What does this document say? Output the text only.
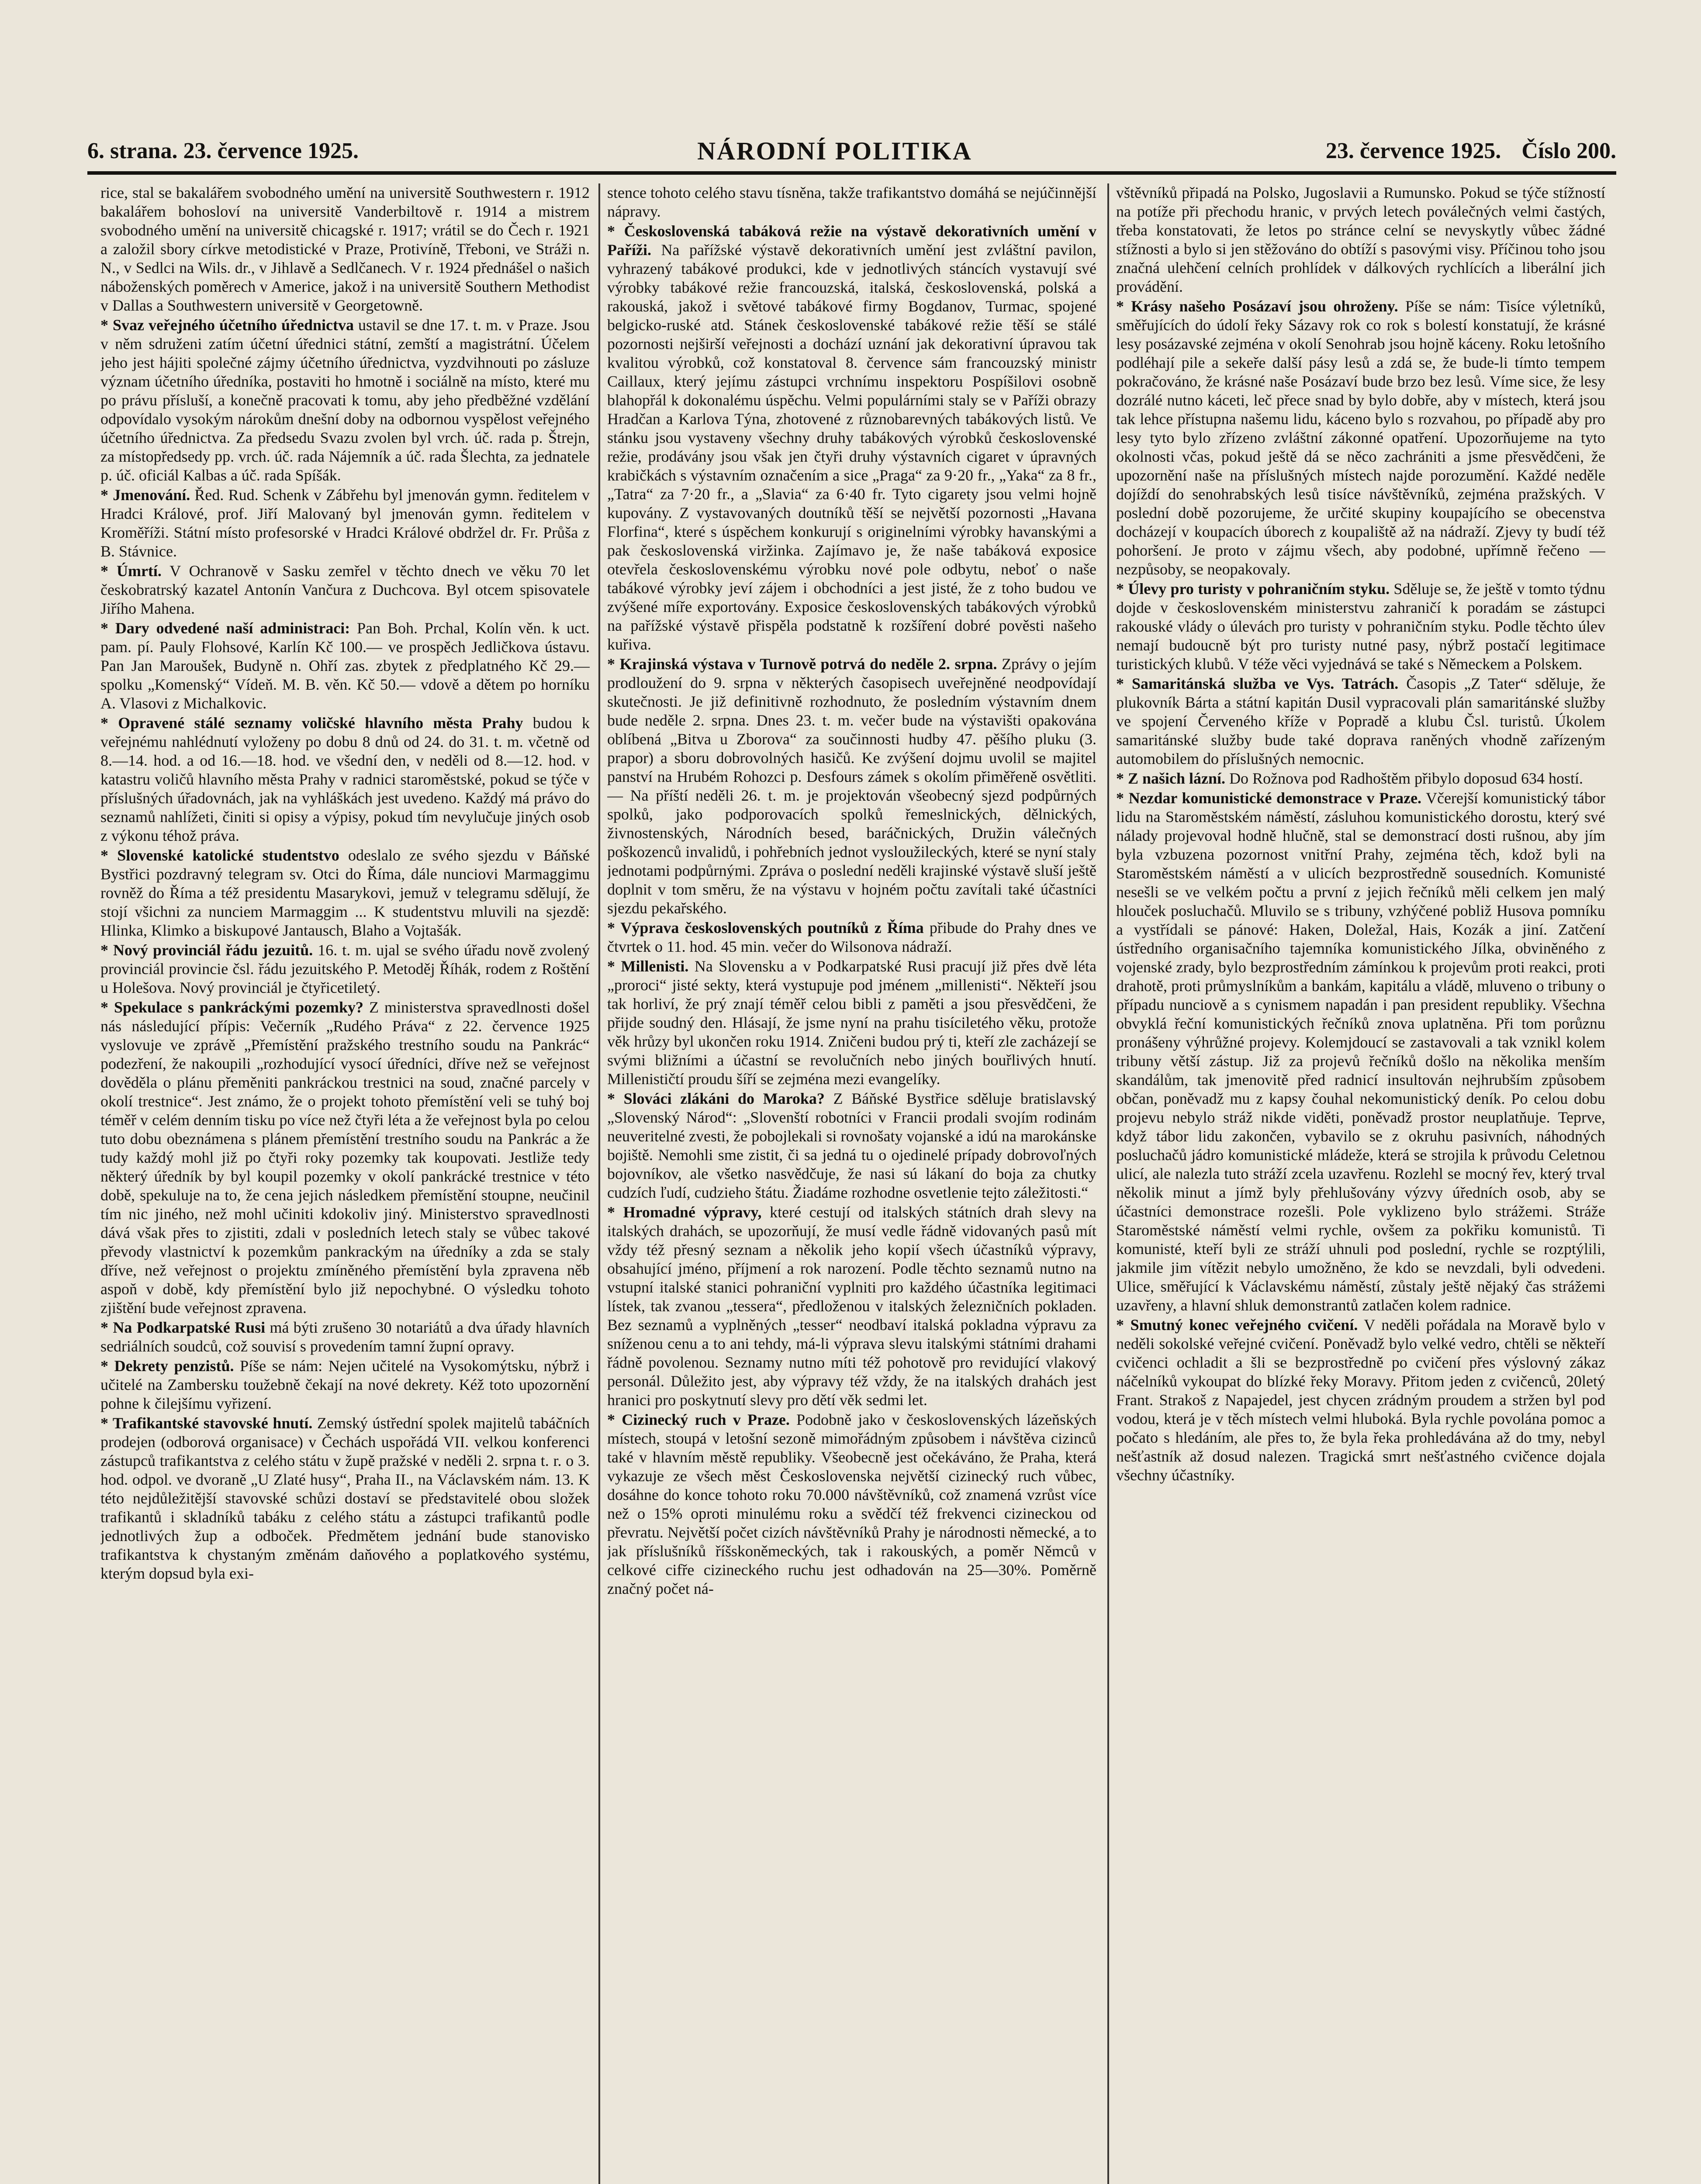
6. strana. 23. července 1925.	NÁRODNÍ POLITIKA	23. července 1925. Číslo 200.

rice, stal se bakalářem svobodného umění na universitě Southwestern r. 1912 bakalářem bohosloví na universitě Vanderbiltově r. 1914 a mistrem svobodného umění na universitě chicagské r. 1917; vrátil se do Čech r. 1921 a založil sbory církve metodistické v Praze, Protivíně, Třeboni, ve Stráži n. N., v Sedlci na Wils. dr., v Jihlavě a Sedlčanech. V r. 1924 přednášel o našich náboženských poměrech v Americe, jakož i na universitě Southern Methodist v Dallas a Southwestern universitě v Georgetowně.

* Svaz veřejného účetního úřednictva ustavil se dne 17. t. m. v Praze. Jsou v něm sdruženi zatím účetní úřednici státní, zemští a magistrátní. Účelem jeho jest hájiti společné zájmy účetního úřednictva, vyzdvihnouti po zásluze význam účetního úředníka, postaviti ho hmotně i sociálně na místo, které mu po právu přísluší, a konečně pracovati k tomu, aby jeho předběžné vzdělání odpovídalo vysokým nárokům dnešní doby na odbornou vyspělost veřejného účetního úřednictva. Za předsedu Svazu zvolen byl vrch. úč. rada p. Štrejn, za místopředsedy pp. vrch. úč. rada Nájemník a úč. rada Šlechta, za jednatele p. úč. oficiál Kalbas a úč. rada Spíšák.

* Jmenování. Řed. Rud. Schenk v Zábřehu byl jmenován gymn. ředitelem v Hradci Králové, prof. Jiří Malovaný byl jmenován gymn. ředitelem v Kroměříži. Státní místo profesorské v Hradci Králové obdržel dr. Fr. Průša z B. Stávnice.

* Úmrtí. V Ochranově v Sasku zemřel v těchto dnech ve věku 70 let českobratrský kazatel Antonín Vančura z Duchcova. Byl otcem spisovatele Jiřího Mahena.

* Dary odvedené naší administraci: Pan Boh. Prchal, Kolín věn. k uct. pam. pí. Pauly Flohsové, Karlín Kč 100.— ve prospěch Jedličkova ústavu. Pan Jan Maroušek, Budyně n. Ohří zas. zbytek z předplatného Kč 29.— spolku „Komenský“ Vídeň. M. B. věn. Kč 50.— vdově a dětem po horníku A. Vlasovi z Michalkovic.

* Opravené stálé seznamy voličské hlavního města Prahy budou k veřejnému nahlédnutí vyloženy po dobu 8 dnů od 24. do 31. t. m. včetně od 8.—14. hod. a od 16.—18. hod. ve všední den, v neděli od 8.—12. hod. v katastru voličů hlavního města Prahy v radnici staroměstské, pokud se týče v příslušných úřadovnách, jak na vyhláškách jest uvedeno. Každý má právo do seznamů nahlížeti, činiti si opisy a výpisy, pokud tím nevylučuje jiných osob z výkonu téhož práva.

* Slovenské katolické studentstvo odeslalo ze svého sjezdu v Báňské Bystřici pozdravný telegram sv. Otci do Říma, dále nunciovi Marmaggimu rovněž do Říma a též presidentu Masarykovi, jemuž v telegramu sdělují, že stojí všichni za nunciem Marmaggim ... K studentstvu mluvili na sjezdě: Hlinka, Klimko a biskupové Jantausch, Blaho a Vojtašák.

* Nový provinciál řádu jezuitů. 16. t. m. ujal se svého úřadu nově zvolený provinciál provincie čsl. řádu jezuitského P. Metoděj Říhák, rodem z Roštění u Holešova. Nový provinciál je čtyřicetiletý.

* Spekulace s pankráckými pozemky? Z ministerstva spravedlnosti došel nás následující přípis: Večerník „Rudého Práva“ z 22. července 1925 vyslovuje ve zprávě „Přemístění pražského trestního soudu na Pankrác“ podezření, že nakoupili „rozhodující vysocí úředníci, dříve než se veřejnost dověděla o plánu přeměniti pankráckou trestnici na soud, značné parcely v okolí trestnice“. Jest známo, že o projekt tohoto přemístění veli se tuhý boj téměř v celém denním tisku po více než čtyři léta a že veřejnost byla po celou tuto dobu obeznámena s plánem přemístění trestního soudu na Pankrác a že tudy každý mohl již po čtyři roky pozemky tak koupovati. Jestliže tedy některý úředník by byl koupil pozemky v okolí pankrácké trestnice v této době, spekuluje na to, že cena jejich následkem přemístění stoupne, neučinil tím nic jiného, než mohl učiniti kdokoliv jiný. Ministerstvo spravedlnosti dává však přes to zjistiti, zdali v posledních letech staly se vůbec takové převody vlastnictví k pozemkům pankrackým na úředníky a zda se staly dříve, než veřejnost o projektu zmíněného přemístění byla zpravena něb aspoň v době, kdy přemístění bylo již nepochybné. O výsledku tohoto zjištění bude veřejnost zpravena.

* Na Podkarpatské Rusi má býti zrušeno 30 notariátů a dva úřady hlavních sedriálních soudců, což souvisí s provedením tamní župní opravy.

* Dekrety penzistů. Píše se nám: Nejen učitelé na Vysokomýtsku, nýbrž i učitelé na Zambersku toužebně čekají na nové dekrety. Kéž toto upozornění pohne k čilejšímu vyřizení.

* Trafikantské stavovské hnutí. Zemský ústřední spolek majitelů tabáčních prodejen (odborová organisace) v Čechách uspořádá VII. velkou konferenci zástupců trafikantstva z celého státu v župě pražské v neděli 2. srpna t. r. o 3. hod. odpol. ve dvoraně „U Zlaté husy“, Praha II., na Václavském nám. 13. K této nejdůležitější stavovské schůzi dostaví se představitelé obou složek trafikantů i skladníků tabáku z celého státu a zástupci trafikantů podle jednotlivých žup a odboček. Předmětem jednání bude stanovisko trafikantstva k chystaným změnám daňového a poplatkového systému, kterým dopsud byla exi-

stence tohoto celého stavu tísněna, takže trafikantstvo domáhá se nejúčinnější nápravy.

* Československá tabáková režie na výstavě dekorativních umění v Paříži. Na pařížské výstavě dekorativních umění jest zvláštní pavilon, vyhrazený tabákové produkci, kde v jednotlivých stáncích vystavují své výrobky tabákové režie francouzská, italská, československá, polská a rakouská, jakož i světové tabákové firmy Bogdanov, Turmac, spojené belgicko-ruské atd. Stánek československé tabákové režie těší se stálé pozornosti nejširší veřejnosti a dochází uznání jak dekorativní úpravou tak kvalitou výrobků, což konstatoval 8. července sám francouzský ministr Caillaux, který jejímu zástupci vrchnímu inspektoru Pospíšilovi osobně blahopřál k dokonalému úspěchu. Velmi populárními staly se v Paříži obrazy Hradčan a Karlova Týna, zhotovené z různobarevných tabákových listů. Ve stánku jsou vystaveny všechny druhy tabákových výrobků československé režie, prodávány jsou však jen čtyři druhy výstavních cigaret v úpravných krabičkách s výstavním označením a sice „Praga“ za 9·20 fr., „Yaka“ za 8 fr., „Tatra“ za 7·20 fr., a „Slavia“ za 6·40 fr. Tyto cigarety jsou velmi hojně kupovány. Z vystavovaných doutníků těší se největší pozornosti „Havana Florfina“, které s úspěchem konkurují s originelními výrobky havanskými a pak československá viržinka. Zajímavo je, že naše tabáková exposice otevřela československému výrobku nové pole odbytu, neboť o naše tabákové výrobky jeví zájem i obchodníci a jest jisté, že z toho budou ve zvýšené míře exportovány. Exposice československých tabákových výrobků na pařížské výstavě přispěla podstatně k rozšíření dobré pověsti našeho kuřiva.

* Krajinská výstava v Turnově potrvá do neděle 2. srpna. Zprávy o jejím prodloužení do 9. srpna v některých časopisech uveřejněné neodpovídají skutečnosti. Je již definitivně rozhodnuto, že posledním výstavním dnem bude neděle 2. srpna. Dnes 23. t. m. večer bude na výstavišti opakována oblíbená „Bitva u Zborova“ za součinnosti hudby 47. pěšího pluku (3. prapor) a sboru dobrovolných hasičů. Ke zvýšení dojmu uvolil se majitel panství na Hrubém Rohozci p. Desfours zámek s okolím přiměřeně osvětliti. — Na příští neděli 26. t. m. je projektován všeobecný sjezd podpůrných spolků, jako podporovacích spolků řemeslnických, dělnických, živnostenských, Národních besed, baráčnických, Družin válečných poškozenců invalidů, i pohřebních jednot vysloužileckých, které se nyní staly jednotami podpůrnými. Zpráva o poslední neděli krajinské výstavě sluší ještě doplnit v tom směru, že na výstavu v hojném počtu zavítali také účastníci sjezdu pekařského.

* Výprava československých poutníků z Říma přibude do Prahy dnes ve čtvrtek o 11. hod. 45 min. večer do Wilsonova nádraží.

* Millenisti. Na Slovensku a v Podkarpatské Rusi pracují již přes dvě léta „proroci“ jisté sekty, která vystupuje pod jménem „millenisti“. Někteří jsou tak horliví, že prý znají téměř celou bibli z paměti a jsou přesvědčeni, že přijde soudný den. Hlásají, že jsme nyní na prahu tisíciletého věku, protože věk hrůzy byl ukončen roku 1914. Zničeni budou prý ti, kteří zle zacházejí se svými bližními a účastní se revolučních nebo jiných bouřlivých hnutí. Millenističtí proudu šíří se zejména mezi evangelíky.

* Slováci zlákáni do Maroka? Z Báňské Bystřice sděluje bratislavský „Slovenský Národ“: „Slovenští robotníci v Francii prodali svojím rodinám neuveritelné zvesti, že pobojlekali si rovnošaty vojanské a idú na marokánske bojiště. Nemohli sme zistit, či sa jedná tu o ojedinelé prípady dobrovoľných bojovníkov, ale všetko nasvědčuje, že nasi sú lákaní do boja za chutky cudzích ľudí, cudzieho štátu. Žiadáme rozhodne osvetlenie tejto záležitosti.“

* Hromadné výpravy, které cestují od italských státních drah slevy na italských drahách, se upozorňují, že musí vedle řádně vidovaných pasů mít vždy též přesný seznam a několik jeho kopií všech účastníků výpravy, obsahující jméno, příjmení a rok narození. Podle těchto seznamů nutno na vstupní italské stanici pohraniční vyplniti pro každého účastníka legitimaci lístek, tak zvanou „tessera“, předloženou v italských železničních pokladen. Bez seznamů a vyplněných „tesser“ neodbaví italská pokladna výpravu za sníženou cenu a to ani tehdy, má-li výprava slevu italskými státními drahami řádně povolenou. Seznamy nutno míti též pohotově pro revidující vlakový personál. Důležito jest, aby výpravy též vždy, že na italských drahách jest hranici pro poskytnutí slevy pro dětí věk sedmi let.

* Cizinecký ruch v Praze. Podobně jako v československých lázeňských místech, stoupá v letošní sezoně mimořádným způsobem i návštěva cizinců také v hlavním městě republiky. Všeobecně jest očekáváno, že Praha, která vykazuje ze všech měst Československa největší cizinecký ruch vůbec, dosáhne do konce tohoto roku 70.000 návštěvníků, což znamená vzrůst více než o 15% oproti minulému roku a svědčí též frekvenci cizineckou od převratu. Největší počet cizích návštěvníků Prahy je národnosti německé, a to jak příslušníků říšskoněmeckých, tak i rakouských, a poměr Němců v celkové cifře cizineckého ruchu jest odhadován na 25—30%. Poměrně značný počet ná-

vštěvníků připadá na Polsko, Jugoslavii a Rumunsko. Pokud se týče stížností na potíže při přechodu hranic, v prvých letech poválečných velmi častých, třeba konstatovati, že letos po stránce celní se nevyskytly vůbec žádné stížnosti a bylo si jen stěžováno do obtíží s pasovými visy. Příčinou toho jsou značná ulehčení celních prohlídek v dálkových rychlících a liberální jich provádění.

* Krásy našeho Posázaví jsou ohroženy. Píše se nám: Tisíce výletníků, směřujících do údolí řeky Sázavy rok co rok s bolestí konstatují, že krásné lesy posázavské zejména v okolí Senohrab jsou hojně káceny. Roku letošního podléhají pile a sekeře další pásy lesů a zdá se, že bude-li tímto tempem pokračováno, že krásné naše Posázaví bude brzo bez lesů. Víme sice, že lesy dozrálé nutno káceti, leč přece snad by bylo dobře, aby v místech, která jsou tak lehce přístupna našemu lidu, káceno bylo s rozvahou, po případě aby pro lesy tyto bylo zřízeno zvláštní zákonné opatření. Upozorňujeme na tyto okolnosti včas, pokud ještě dá se něco zachrániti a jsme přesvědčeni, že upozornění naše na příslušných místech najde porozumění. Každé neděle dojíždí do senohrabských lesů tisíce návštěvníků, zejména pražských. V poslední době pozorujeme, že určité skupiny koupajícího se obecenstva docházejí v koupacích úborech z koupaliště až na nádraží. Zjevy ty budí též pohoršení. Je proto v zájmu všech, aby podobné, upřímně řečeno — nezpůsoby, se neopakovaly.

* Úlevy pro turisty v pohraničním styku. Sděluje se, že ještě v tomto týdnu dojde v československém ministerstvu zahraničí k poradám se zástupci rakouské vlády o úlevách pro turisty v pohraničním styku. Podle těchto úlev nemají budoucně být pro turisty nutné pasy, nýbrž postačí legitimace turistických klubů. V téže věci vyjednává se také s Německem a Polskem.

* Samaritánská služba ve Vys. Tatrách. Časopis „Z Tater“ sděluje, že plukovník Bárta a státní kapitán Dusil vypracovali plán samaritánské služby ve spojení Červeného kříže v Popradě a klubu Čsl. turistů. Úkolem samaritánské služby bude také doprava raněných vhodně zařízeným automobilem do příslušných nemocnic.

* Z našich lázní. Do Rožnova pod Radhoštěm přibylo doposud 634 hostí.

* Nezdar komunistické demonstrace v Praze. Včerejší komunistický tábor lidu na Staroměstském náměstí, zásluhou komunistického dorostu, který své nálady projevoval hodně hlučně, stal se demonstrací dosti rušnou, aby jím byla vzbuzena pozornost vnitřní Prahy, zejména těch, kdož byli na Staroměstském náměstí a v ulicích bezprostředně sousedních. Komunisté nesešli se ve velkém počtu a první z jejich řečníků měli celkem jen malý hlouček posluchačů. Mluvilo se s tribuny, vzhýčené pobliž Husova pomníku a vystřídali se pánové: Haken, Doležal, Hais, Kozák a jiní. Zatčení ústředního organisačního tajemníka komunistického Jílka, obviněného z vojenské zrady, bylo bezprostředním zámínkou k projevům proti reakci, proti drahotě, proti průmyslníkům a bankám, kapitálu a vládě, mluveno o tribuny o případu nunciově a s cynismem napadán i pan president republiky. Všechna obvyklá řeční komunistických řečníků znova uplatněna. Při tom porůznu pronášeny výhrůžné projevy. Kolemjdoucí se zastavovali a tak vznikl kolem tribuny větší zástup. Již za projevů řečníků došlo na několika menším skandálům, tak jmenovitě před radnicí insultován nejhrubším způsobem občan, poněvadž mu z kapsy čouhal nekomunistický deník. Po celou dobu projevu nebylo stráž nikde viděti, poněvadž prostor neuplatňuje. Teprve, když tábor lidu zakončen, vybavilo se z okruhu pasivních, náhodných posluchačů jádro komunistické mládeže, která se strojila k průvodu Celetnou ulicí, ale nalezla tuto stráží zcela uzavřenu. Rozlehl se mocný řev, který trval několik minut a jímž byly přehlušovány výzvy úředních osob, aby se účastníci demonstrace rozešli. Pole vyklizeno bylo strážemi. Stráže Staroměstské náměstí velmi rychle, ovšem za pokřiku komunistů. Ti komunisté, kteří byli ze stráží uhnuli pod poslední, rychle se rozptýlili, jakmile jim vítězit nebylo umožněno, že kdo se nevzdali, byli odvedeni. Ulice, směřující k Václavskému náměstí, zůstaly ještě nějaký čas strážemi uzavřeny, a hlavní shluk demonstrantů zatlačen kolem radnice.

* Smutný konec veřejného cvičení. V neděli pořádala na Moravě bylo v neděli sokolské veřejné cvičení. Poněvadž bylo velké vedro, chtěli se někteří cvičenci ochladit a šli se bezprostředně po cvičení přes výslovný zákaz náčelníků vykoupat do blízké řeky Moravy. Přitom jeden z cvičenců, 20letý Frant. Strakoš z Napajedel, jest chycen zrádným proudem a stržen byl pod vodou, která je v těch místech velmi hluboká. Byla rychle povolána pomoc a počato s hledáním, ale přes to, že byla řeka prohledávána až do tmy, nebyl nešťastník až dosud nalezen. Tragická smrt nešťastného cvičence dojala všechny účastníky.
